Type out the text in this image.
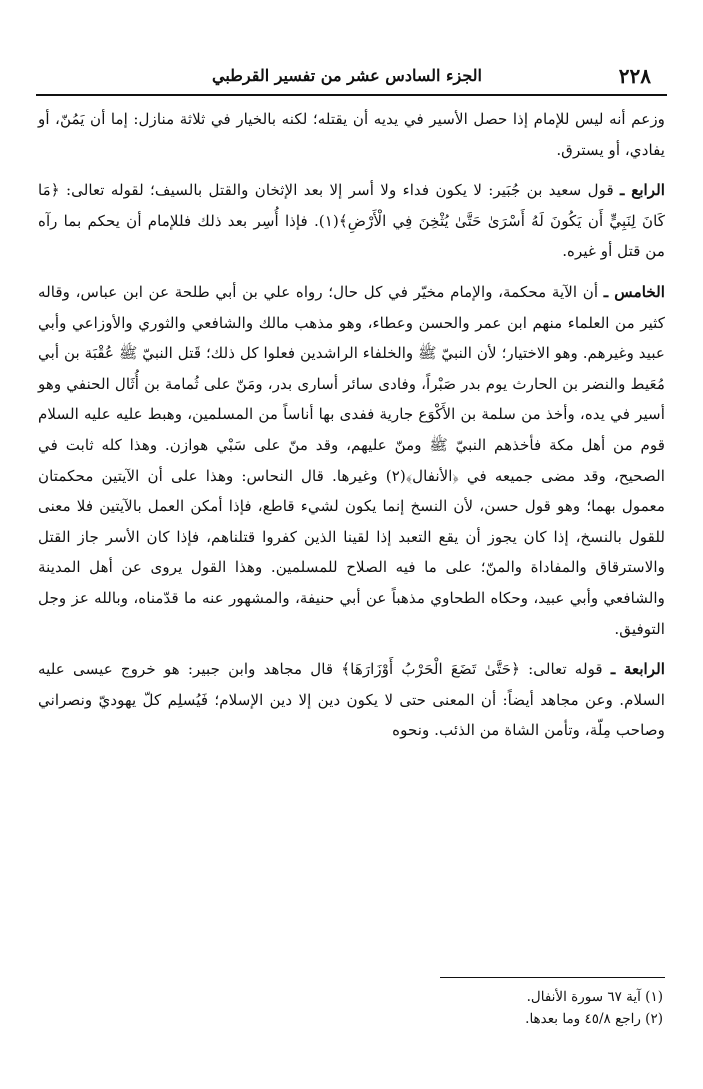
٢٢٨
الجزء السادس عشر من تفسير القرطبي

وزعم أنه ليس للإمام إذا حصل الأسير في يديه أن يقتله؛ لكنه بالخيار في ثلاثة منازل: إما أن يَمُنّ، أو يفادي، أو يسترق.

الرابع ـ قول سعيد بن جُبَير: لا يكون فداء ولا أسر إلا بعد الإثخان والقتل بالسيف؛ لقوله تعالى: ﴿مَا كَانَ لِنَبِيٍّ أَن يَكُونَ لَهُ أَسْرَىٰ حَتَّىٰ يُثْخِنَ فِي الْأَرْضِ﴾(١). فإذا أُسِر بعد ذلك فللإمام أن يحكم بما رآه من قتل أو غيره.

الخامس ـ أن الآية محكمة، والإمام مخيّر في كل حال؛ رواه علي بن أبي طلحة عن ابن عباس، وقاله كثير من العلماء منهم ابن عمر والحسن وعطاء، وهو مذهب مالك والشافعي والثوري والأوزاعي وأبي عبيد وغيرهم. وهو الاختيار؛ لأن النبيّ ﷺ والخلفاء الراشدين فعلوا كل ذلك؛ قَتل النبيّ ﷺ عُقْبَة بن أبي مُعَيط والنضر بن الحارث يوم بدر صَبْراً، وفادى سائر أسارى بدر، ومَنّ على ثُمامة بن أُثَال الحنفي وهو أسير في يده، وأخذ من سلمة بن الأَكْوَع جارية ففدى بها أناساً من المسلمين، وهبط عليه عليه السلام قوم من أهل مكة فأخذهم النبيّ ﷺ ومنّ عليهم، وقد منّ على سَبْي هوازن. وهذا كله ثابت في الصحيح، وقد مضى جميعه في ﴿الأنفال﴾(٢) وغيرها. قال النحاس: وهذا على أن الآيتين محكمتان معمول بهما؛ وهو قول حسن، لأن النسخ إنما يكون لشيء قاطع، فإذا أمكن العمل بالآيتين فلا معنى للقول بالنسخ، إذا كان يجوز أن يقع التعبد إذا لقينا الذين كفروا قتلناهم، فإذا كان الأسر جاز القتل والاسترقاق والمفاداة والمنّ؛ على ما فيه الصلاح للمسلمين. وهذا القول يروى عن أهل المدينة والشافعي وأبي عبيد، وحكاه الطحاوي مذهباً عن أبي حنيفة، والمشهور عنه ما قدّمناه، وبالله عز وجل التوفيق.

الرابعة ـ قوله تعالى: ﴿حَتَّىٰ تَضَعَ الْحَرْبُ أَوْزَارَهَا﴾ قال مجاهد وابن جبير: هو خروج عيسى عليه السلام. وعن مجاهد أيضاً: أن المعنى حتى لا يكون دين إلا دين الإسلام؛ فَيُسلِم كلّ يهوديّ ونصراني وصاحب مِلّة، وتأمن الشاة من الذئب. ونحوه

(١) آية ٦٧ سورة الأنفال.

(٢) راجع ٤٥/٨ وما بعدها.
